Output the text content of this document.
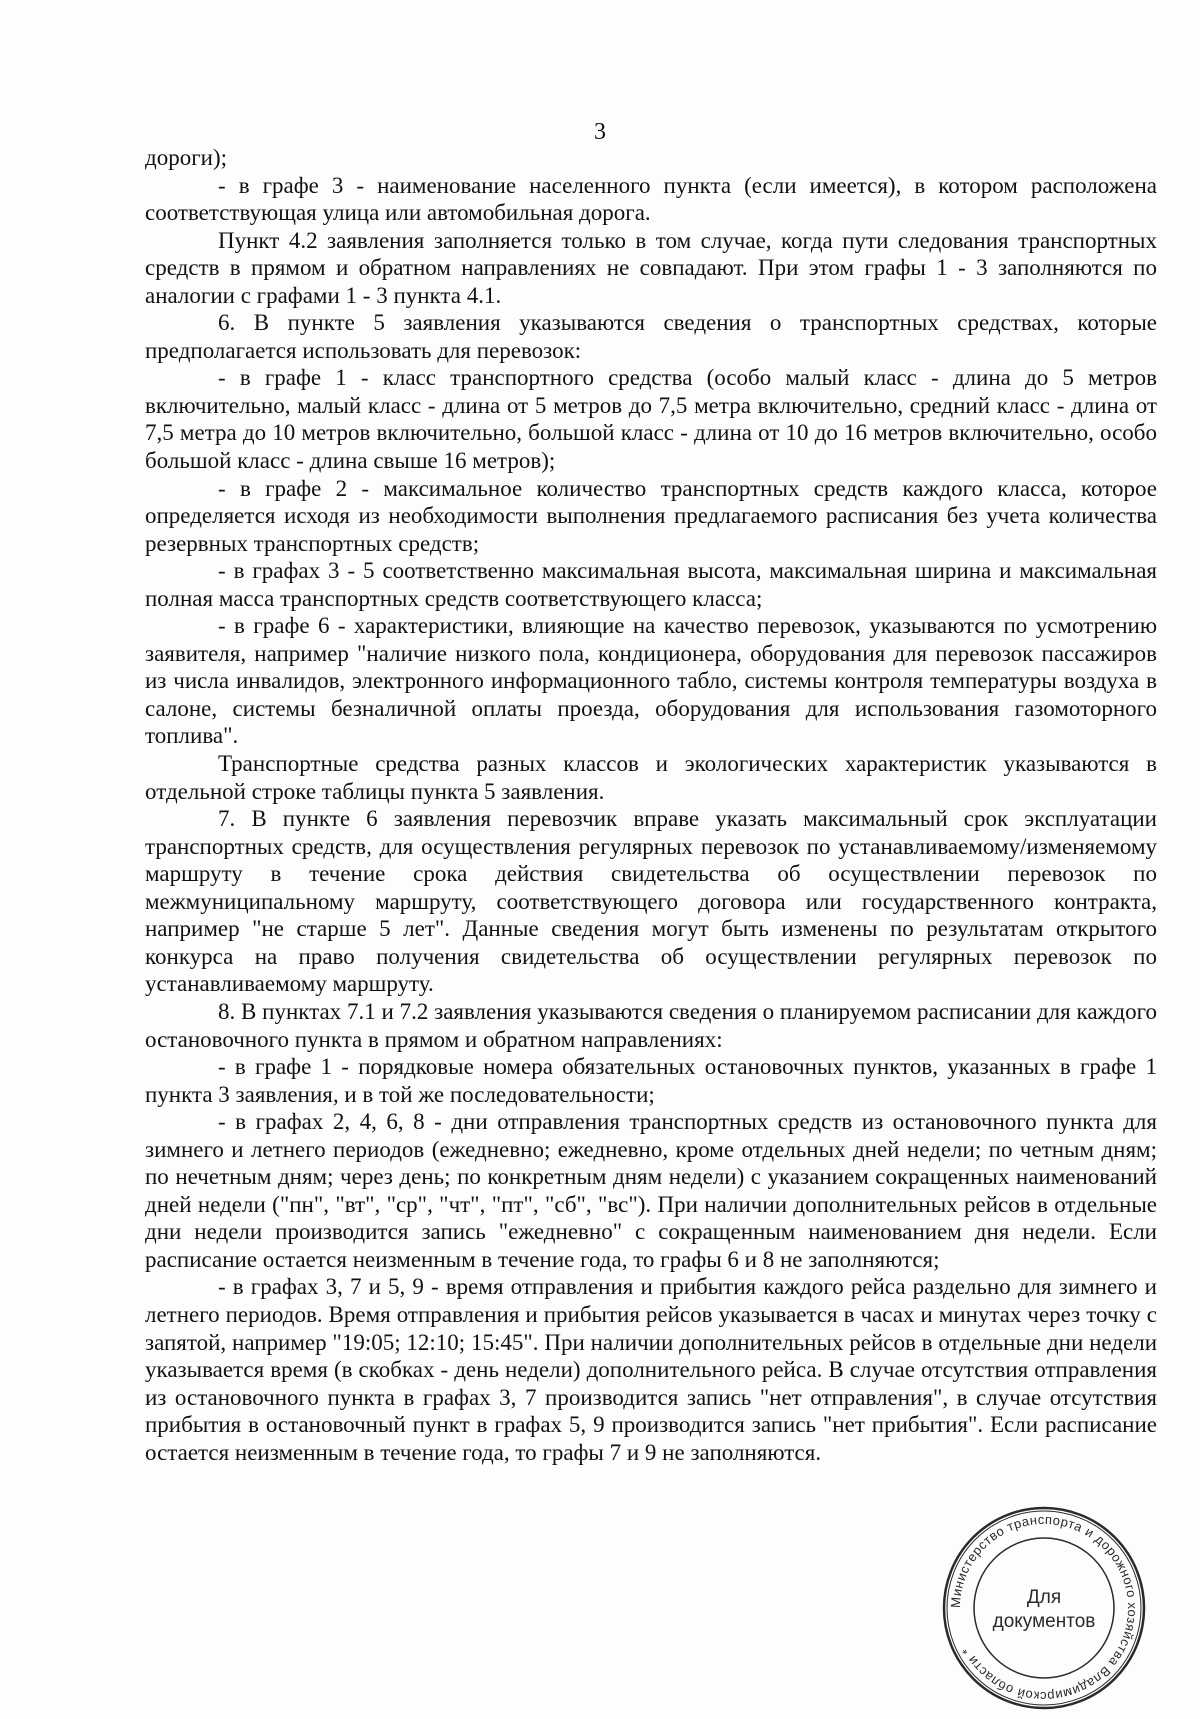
3

дороги);

- в графе 3 - наименование населенного пункта (если имеется), в котором расположена соответствующая улица или автомобильная дорога.

Пункт 4.2 заявления заполняется только в том случае, когда пути следования транспортных средств в прямом и обратном направлениях не совпадают. При этом графы 1 - 3 заполняются по аналогии с графами 1 - 3 пункта 4.1.

6. В пункте 5 заявления указываются сведения о транспортных средствах, которые предполагается использовать для перевозок:

- в графе 1 - класс транспортного средства (особо малый класс - длина до 5 метров включительно, малый класс - длина от 5 метров до 7,5 метра включительно, средний класс - длина от 7,5 метра до 10 метров включительно, большой класс - длина от 10 до 16 метров включительно, особо большой класс - длина свыше 16 метров);

- в графе 2 - максимальное количество транспортных средств каждого класса, которое определяется исходя из необходимости выполнения предлагаемого расписания без учета количества резервных транспортных средств;

- в графах 3 - 5 соответственно максимальная высота, максимальная ширина и максимальная полная масса транспортных средств соответствующего класса;

- в графе 6 - характеристики, влияющие на качество перевозок, указываются по усмотрению заявителя, например "наличие низкого пола, кондиционера, оборудования для перевозок пассажиров из числа инвалидов, электронного информационного табло, системы контроля температуры воздуха в салоне, системы безналичной оплаты проезда, оборудования для использования газомоторного топлива".

Транспортные средства разных классов и экологических характеристик указываются в отдельной строке таблицы пункта 5 заявления.

7. В пункте 6 заявления перевозчик вправе указать максимальный срок эксплуатации транспортных средств, для осуществления регулярных перевозок по устанавливаемому/изменяемому маршруту в течение срока действия свидетельства об осуществлении перевозок по межмуниципальному маршруту, соответствующего договора или государственного контракта, например "не старше 5 лет". Данные сведения могут быть изменены по результатам открытого конкурса на право получения свидетельства об осуществлении регулярных перевозок по устанавливаемому маршруту.

8. В пунктах 7.1 и 7.2 заявления указываются сведения о планируемом расписании для каждого остановочного пункта в прямом и обратном направлениях:

- в графе 1 - порядковые номера обязательных остановочных пунктов, указанных в графе 1 пункта 3 заявления, и в той же последовательности;

- в графах 2, 4, 6, 8 - дни отправления транспортных средств из остановочного пункта для зимнего и летнего периодов (ежедневно; ежедневно, кроме отдельных дней недели; по четным дням; по нечетным дням; через день; по конкретным дням недели) с указанием сокращенных наименований дней недели ("пн", "вт", "ср", "чт", "пт", "сб", "вс"). При наличии дополнительных рейсов в отдельные дни недели производится запись "ежедневно" с сокращенным наименованием дня недели. Если расписание остается неизменным в течение года, то графы 6 и 8 не заполняются;

- в графах 3, 7 и 5, 9 - время отправления и прибытия каждого рейса раздельно для зимнего и летнего периодов. Время отправления и прибытия рейсов указывается в часах и минутах через точку с запятой, например "19:05; 12:10; 15:45". При наличии дополнительных рейсов в отдельные дни недели указывается время (в скобках - день недели) дополнительного рейса. В случае отсутствия отправления из остановочного пункта в графах 3, 7 производится запись "нет отправления", в случае отсутствия прибытия в остановочный пункт в графах 5, 9 производится запись "нет прибытия". Если расписание остается неизменным в течение года, то графы 7 и 9 не заполняются.

Министерство транспорта и дорожного хозяйства Владимирской области *
Для
документов
